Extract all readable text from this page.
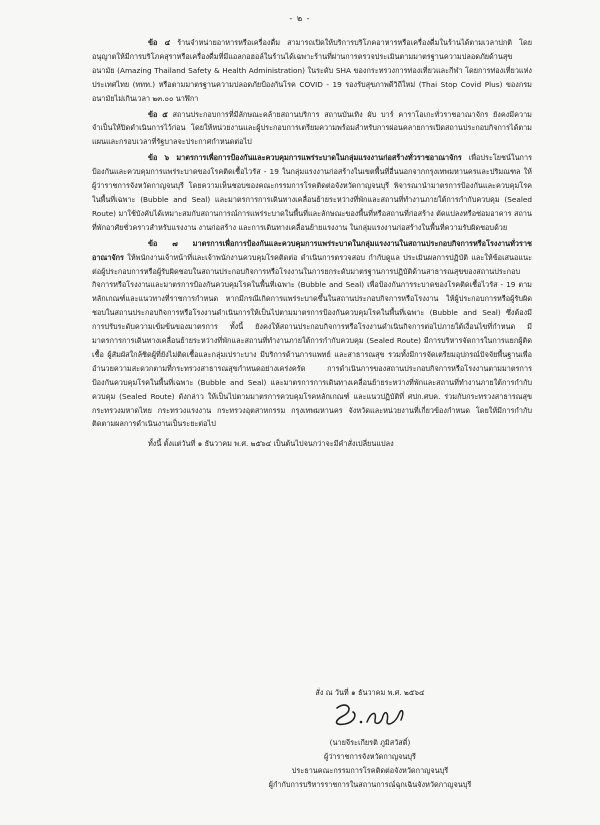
- ๒ -

ข้อ ๔ ร้านจำหน่ายอาหารหรือเครื่องดื่ม สามารถเปิดให้บริการบริโภคอาหารหรือเครื่องดื่มในร้านได้ตามเวลาปกติ โดยอนุญาตให้มีการบริโภคสุราหรือเครื่องดื่มที่มีแอลกอฮอล์ในร้านได้เฉพาะร้านที่ผ่านการตรวจประเมินตามมาตรฐานความปลอดภัยด้านสุขอนามัย (Amazing Thailand Safety & Health Administration) ในระดับ SHA ของกระทรวงการท่องเที่ยวและกีฬา โดยการท่องเที่ยวแห่งประเทศไทย (ททท.) หรือตามมาตรฐานความปลอดภัยป้องกันโรค COVID - 19 รองรับสุขภาพดีวิถีใหม่ (Thai Stop Covid Plus) ของกรมอนามัยไม่เกินเวลา ๒๓.๐๐ นาฬิกา

ข้อ ๕ สถานประกอบการที่มีลักษณะคล้ายสถานบริการ สถานบันเทิง ผับ บาร์ คาราโอเกะทั่วราชอาณาจักร ยังคงมีความจำเป็นให้ปิดดำเนินการไว้ก่อน โดยให้หน่วยงานและผู้ประกอบการเตรียมความพร้อมสำหรับการผ่อนคลายการเปิดสถานประกอบกิจการได้ตามแผนและกรอบเวลาที่รัฐบาลจะประกาศกำหนดต่อไป

ข้อ ๖ มาตรการเพื่อการป้องกันและควบคุมการแพร่ระบาดในกลุ่มแรงงานก่อสร้างทั่วราชอาณาจักร เพื่อประโยชน์ในการป้องกันและควบคุมการแพร่ระบาดของโรคติดเชื้อไวรัส - 19 ในกลุ่มแรงงานก่อสร้างในเขตพื้นที่อื่นนอกจากกรุงเทพมหานครและปริมณฑล ให้ผู้ว่าราชการจังหวัดกาญจนบุรี โดยความเห็นชอบของคณะกรรมการโรคติดต่อจังหวัดกาญจนบุรี พิจารณานำมาตรการป้องกันและควบคุมโรคในพื้นที่เฉพาะ (Bubble and Seal) และมาตรการการเดินทางเคลื่อนย้ายระหว่างที่พักและสถานที่ทำงานภายใต้การกำกับควบคุม (Sealed Route) มาใช้บังคับได้เหมาะสมกับสถานการณ์การแพร่ระบาดในพื้นที่และลักษณะของพื้นที่หรือสถานที่ก่อสร้าง ตัดแปลงหรือซ่อมอาคาร สถานที่พักอาศัยชั่วคราวสำหรับแรงงาน งานก่อสร้าง และการเดินทางเคลื่อนย้ายแรงงาน ในกลุ่มแรงงานก่อสร้างในพื้นที่ความรับผิดชอบด้วย

ข้อ ๗ มาตรการเพื่อการป้องกันและควบคุมการแพร่ระบาดในกลุ่มแรงงานในสถานประกอบกิจการหรือโรงงานทั่วราชอาณาจักร ให้พนักงานเจ้าหน้าที่และเจ้าพนักงานควบคุมโรคติดต่อ ดำเนินการตรวจสอบ กำกับดูแล ประเมินผลการปฏิบัติ และให้ข้อเสนอแนะต่อผู้ประกอบการหรือผู้รับผิดชอบในสถานประกอบกิจการหรือโรงงานในการยกระดับมาตรฐานการปฏิบัติด้านสาธารณสุขของสถานประกอบกิจการหรือโรงงานและมาตรการป้องกันควบคุมโรคในพื้นที่เฉพาะ (Bubble and Seal) เพื่อป้องกันการระบาดของโรคติดเชื้อไวรัส - 19 ตามหลักเกณฑ์และแนวทางที่ราชการกำหนด หากมีกรณีเกิดการแพร่ระบาดขึ้นในสถานประกอบกิจการหรือโรงงาน ให้ผู้ประกอบการหรือผู้รับผิดชอบในสถานประกอบกิจการหรือโรงงานดำเนินการให้เป็นไปตามมาตรการป้องกันควบคุมโรคในพื้นที่เฉพาะ (Bubble and Seal) ซึ่งต้องมีการปรับระดับความเข้มข้นของมาตรการ ทั้งนี้ ยังคงให้สถานประกอบกิจการหรือโรงงานดำเนินกิจการต่อไปภายใต้เงื่อนไขที่กำหนด มีมาตรการการเดินทางเคลื่อนย้ายระหว่างที่พักและสถานที่ทำงานภายใต้การกำกับควบคุม (Sealed Route) มีการบริหารจัดการในการแยกผู้ติดเชื้อ ผู้สัมผัสใกล้ชิดผู้ที่ยังไม่ติดเชื้อและกลุ่มเปราะบาง มีบริการด้านการแพทย์ และสาธารณสุข รวมทั้งมีการจัดเตรียมอุปกรณ์ปัจจัยพื้นฐานเพื่ออำนวยความสะดวกตามที่กระทรวงสาธารณสุขกำหนดอย่างเคร่งครัด การดำเนินการของสถานประกอบกิจการหรือโรงงานตามมาตรการป้องกันควบคุมโรคในพื้นที่เฉพาะ (Bubble and Seal) และมาตรการการเดินทางเคลื่อนย้ายระหว่างที่พักและสถานที่ทำงานภายใต้การกำกับควบคุม (Sealed Route) ดังกล่าว ให้เป็นไปตามมาตรการควบคุมโรคหลักเกณฑ์ และแนวปฏิบัติที่ ศปก.ศบค. ร่วมกับกระทรวงสาธารณสุข กระทรวงมหาดไทย กระทรวงแรงงาน กระทรวงอุตสาหกรรม กรุงเทพมหานคร จังหวัดและหน่วยงานที่เกี่ยวข้องกำหนด โดยให้มีการกำกับ ติดตามผลการดำเนินงานเป็นระยะต่อไป

ทั้งนี้ ตั้งแต่วันที่ ๑ ธันวาคม พ.ศ. ๒๕๖๔ เป็นต้นไปจนกว่าจะมีคำสั่งเปลี่ยนแปลง

สั่ง ณ วันที่ ๑ ธันวาคม พ.ศ. ๒๕๖๔
(นายจีระเกียรติ ภูมิสวัสดิ์)
ผู้ว่าราชการจังหวัดกาญจนบุรี
ประธานคณะกรรมการโรคติดต่อจังหวัดกาญจนบุรี
ผู้กำกับการบริหารราชการในสถานการณ์ฉุกเฉินจังหวัดกาญจนบุรี
